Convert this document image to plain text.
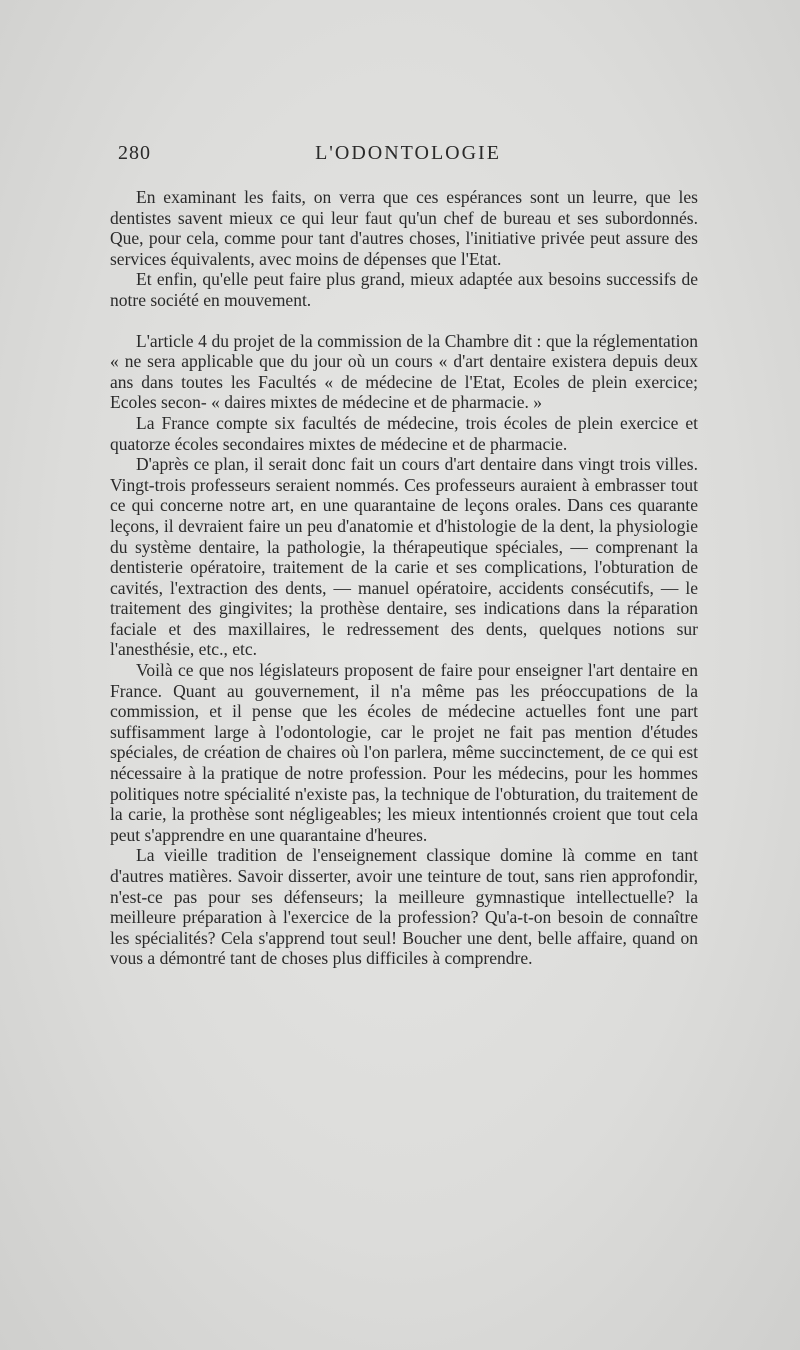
280	L'ODONTOLOGIE

En examinant les faits, on verra que ces espérances sont un leurre, que les dentistes savent mieux ce qui leur faut qu'un chef de bureau et ses subordonnés. Que, pour cela, comme pour tant d'autres choses, l'initiative privée peut assure des services équivalents, avec moins de dépenses que l'Etat.

Et enfin, qu'elle peut faire plus grand, mieux adaptée aux besoins successifs de notre société en mouvement.

L'article 4 du projet de la commission de la Chambre dit : que la réglementation « ne sera applicable que du jour où un cours « d'art dentaire existera depuis deux ans dans toutes les Facultés « de médecine de l'Etat, Ecoles de plein exercice; Ecoles secon- « daires mixtes de médecine et de pharmacie. »

La France compte six facultés de médecine, trois écoles de plein exercice et quatorze écoles secondaires mixtes de médecine et de pharmacie.

D'après ce plan, il serait donc fait un cours d'art dentaire dans vingt trois villes. Vingt-trois professeurs seraient nommés. Ces professeurs auraient à embrasser tout ce qui concerne notre art, en une quarantaine de leçons orales. Dans ces quarante leçons, il devraient faire un peu d'anatomie et d'histologie de la dent, la physiologie du système dentaire, la pathologie, la thérapeutique spéciales, — comprenant la dentisterie opératoire, traitement de la carie et ses complications, l'obturation de cavités, l'extraction des dents, — manuel opératoire, accidents consécutifs, — le traitement des gingivites; la prothèse dentaire, ses indications dans la réparation faciale et des maxillaires, le redressement des dents, quelques notions sur l'anesthésie, etc., etc.

Voilà ce que nos législateurs proposent de faire pour enseigner l'art dentaire en France. Quant au gouvernement, il n'a même pas les préoccupations de la commission, et il pense que les écoles de médecine actuelles font une part suffisamment large à l'odontologie, car le projet ne fait pas mention d'études spéciales, de création de chaires où l'on parlera, même succinctement, de ce qui est nécessaire à la pratique de notre profession. Pour les médecins, pour les hommes politiques notre spécialité n'existe pas, la technique de l'obturation, du traitement de la carie, la prothèse sont négligeables; les mieux intentionnés croient que tout cela peut s'apprendre en une quarantaine d'heures.

La vieille tradition de l'enseignement classique domine là comme en tant d'autres matières. Savoir disserter, avoir une teinture de tout, sans rien approfondir, n'est-ce pas pour ses défenseurs; la meilleure gymnastique intellectuelle? la meilleure préparation à l'exercice de la profession? Qu'a-t-on besoin de connaître les spécialités? Cela s'apprend tout seul! Boucher une dent, belle affaire, quand on vous a démontré tant de choses plus difficiles à comprendre.
